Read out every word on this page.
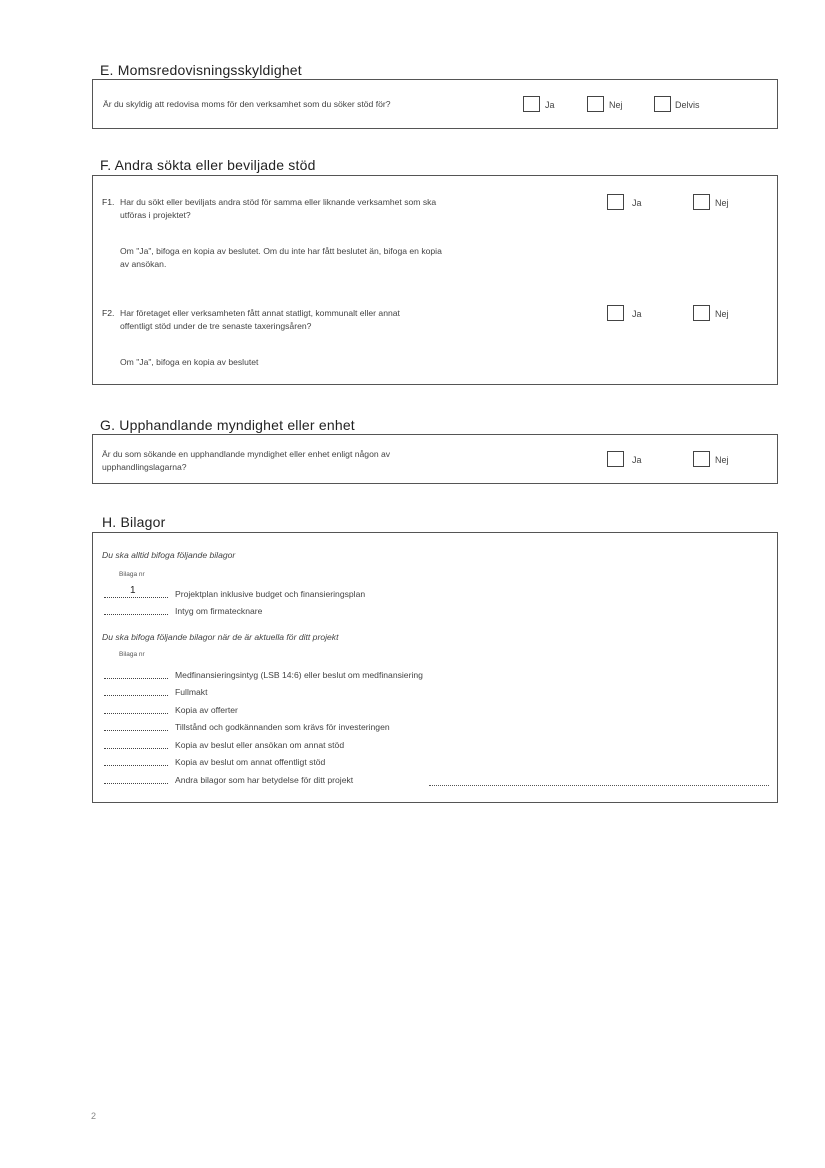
E. Momsredovisningsskyldighet
Är du skyldig att redovisa moms för den verksamhet som du söker stöd för?	Ja	Nej	Delvis
F. Andra sökta eller beviljade stöd
F1. Har du sökt eller beviljats andra stöd för samma eller liknande verksamhet som ska
utföras i projektet?
Ja	Nej
Om "Ja", bifoga en kopia av beslutet. Om du inte har fått beslutet än, bifoga en kopia
av ansökan.
F2. Har företaget eller verksamheten fått annat statligt, kommunalt eller annat
offentligt stöd under de tre senaste taxeringsåren?
Ja	Nej
Om "Ja", bifoga en kopia av beslutet
G. Upphandlande myndighet eller enhet
Är du som sökande en upphandlande myndighet eller enhet enligt någon av
upphandlingslagarna?
Ja	Nej
H. Bilagor
Du ska alltid bifoga följande bilagor
Bilaga nr
1	Projektplan inklusive budget och finansieringsplan
Intyg om firmatecknare
Du ska bifoga följande bilagor när de är aktuella för ditt projekt
Bilaga nr
Medfinansieringsintyg (LSB 14:6) eller beslut om medfinansiering
Fullmakt
Kopia av offerter
Tillstånd och godkännanden som krävs för investeringen
Kopia av beslut eller ansökan om annat stöd
Kopia av beslut om annat offentligt stöd
Andra bilagor som har betydelse för ditt projekt
2
